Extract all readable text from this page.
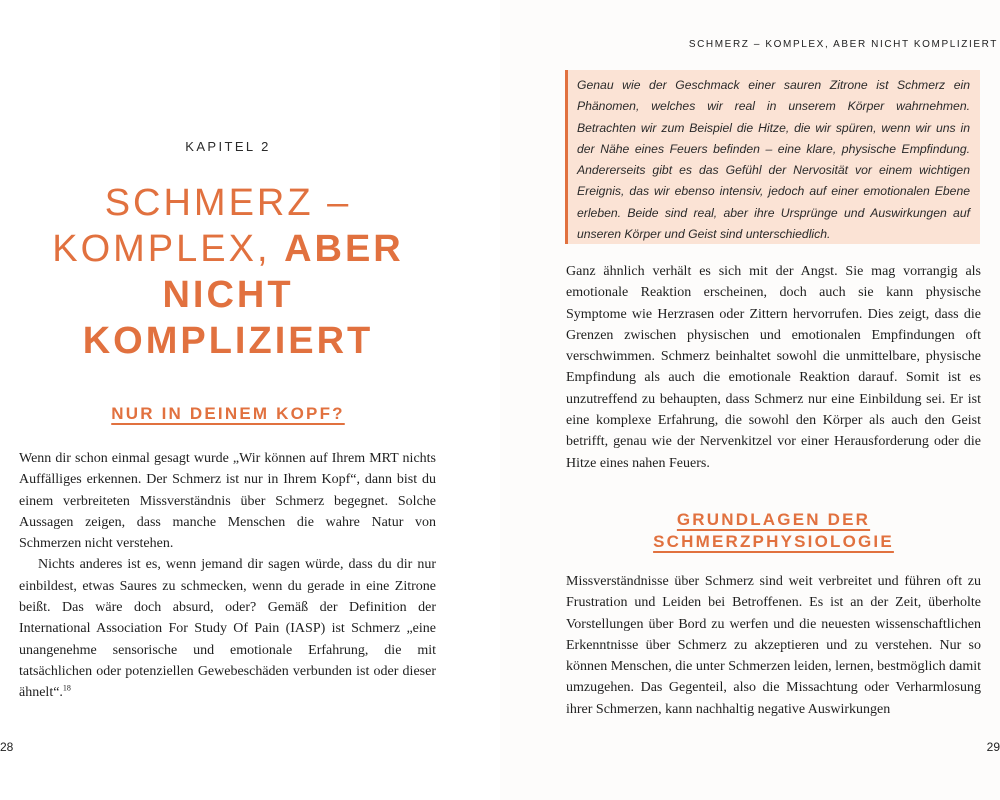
KAPITEL 2
SCHMERZ –
KOMPLEX, ABER
NICHT
KOMPLIZIERT
NUR IN DEINEM KOPF?

Wenn dir schon einmal gesagt wurde „Wir können auf Ihrem MRT nichts Auffälliges erkennen. Der Schmerz ist nur in Ihrem Kopf“, dann bist du einem verbreiteten Missverständnis über Schmerz begegnet. Solche Aussagen zeigen, dass manche Menschen die wahre Natur von Schmerzen nicht verstehen.

Nichts anderes ist es, wenn jemand dir sagen würde, dass du dir nur einbildest, etwas Saures zu schmecken, wenn du gerade in eine Zitrone beißt. Das wäre doch absurd, oder? Gemäß der Definition der International Association For Study Of Pain (IASP) ist Schmerz „eine unangenehme sensorische und emotionale Erfahrung, die mit tatsächlichen oder potenziellen Gewebeschäden verbunden ist oder dieser ähnelt“.$^{18}$

28
SCHMERZ – KOMPLEX, ABER NICHT KOMPLIZIERT
29
Genau wie der Geschmack einer sauren Zitrone ist Schmerz ein Phänomen, welches wir real in unserem Körper wahrnehmen. Betrachten wir zum Beispiel die Hitze, die wir spüren, wenn wir uns in der Nähe eines Feuers befinden – eine klare, physische Empfindung. Andererseits gibt es das Gefühl der Nervosität vor einem wichtigen Ereignis, das wir ebenso intensiv, jedoch auf einer emotionalen Ebene erleben. Beide sind real, aber ihre Ursprünge und Auswirkungen auf unseren Körper und Geist sind unterschiedlich.
Ganz ähnlich verhält es sich mit der Angst. Sie mag vorrangig als emotionale Reaktion erscheinen, doch auch sie kann physische Symptome wie Herzrasen oder Zittern hervorrufen. Dies zeigt, dass die Grenzen zwischen physischen und emotionalen Empfindungen oft verschwimmen. Schmerz beinhaltet sowohl die unmittelbare, physische Empfindung als auch die emotionale Reaktion darauf. Somit ist es unzutreffend zu behaupten, dass Schmerz nur eine Einbildung sei. Er ist eine komplexe Erfahrung, die sowohl den Körper als auch den Geist betrifft, genau wie der Nervenkitzel vor einer Herausforderung oder die Hitze eines nahen Feuers.
GRUNDLAGEN DER
SCHMERZPHYSIOLOGIE
Missverständnisse über Schmerz sind weit verbreitet und führen oft zu Frustration und Leiden bei Betroffenen. Es ist an der Zeit, überholte Vorstellungen über Bord zu werfen und die neuesten wissenschaftlichen Erkenntnisse über Schmerz zu akzeptieren und zu verstehen. Nur so können Menschen, die unter Schmerzen leiden, lernen, bestmöglich damit umzugehen. Das Gegenteil, also die Missachtung oder Verharmlosung ihrer Schmerzen, kann nachhaltig negative Auswirkungen
